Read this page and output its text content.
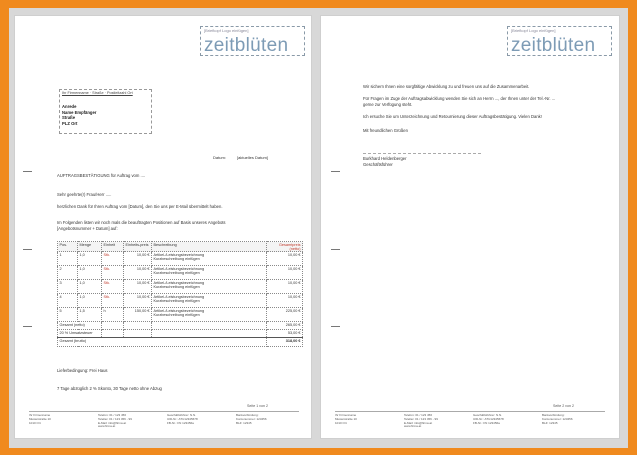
[Briefkopf Logo einfügen]
zeitblüten
Ihr Firmenname · Straße · Postleitzahl Ort
Anrede
Name Empfänger
Straße
PLZ Ort
Datum:	[aktuelles Datum]
AUFTRAGSBESTÄTIGUNG für Auftrag vom ....
Sehr geehrte(r) Frau/Herr .....
herzlichen Dank für Ihren Auftrag vom [Datum], den Sie uns per E-Mail übermittelt haben.
Im Folgenden listen wir noch mals die beauftragten Positionen auf Basis unseres Angebots
[Angebotsnummer + Datum] auf:
Pos.	Menge	Einheit	Einheits-preis	Beschreibung	Gesamtpreis (netto)
1	1,0	Stk.	10,00 €	Artikel-/Leistungsbezeichnung
Kurzbeschreibung einfügen	10,00 €
2	1,0	Stk.	10,00 €	Artikel-/Leistungsbezeichnung
Kurzbeschreibung einfügen	10,00 €
3	1,0	Stk.	10,00 €	Artikel-/Leistungsbezeichnung
Kurzbeschreibung einfügen	10,00 €
4	1,0	Stk.	10,00 €	Artikel-/Leistungsbezeichnung
Kurzbeschreibung einfügen	10,00 €
5	1,5	h	150,00 €	Artikel-/Leistungsbezeichnung
Kurzbeschreibung einfügen	225,00 €
Gesamt (netto)					265,00 €
20 % Umsatzsteuer					53,00 €
Gesamt (brutto)					318,00 €
Lieferbedingung: Frei Haus
7 Tage abzüglich 2 % Skonto, 30 Tage netto ohne Abzug
Seite 1 von 2
Ihr Firmenname
Musterstraße 10
1010 Ort
Telefon: 01 / 123 456
Telefax: 01 / 123 456 - 99
E-Mail: info@firma.at
www.firma.at
Geschäftsführer: N.N.
UID-Nr.: ATU12345678
FB-Nr.: FN 123456a
Bankverbindung:
Kontonummer: 123456
BLZ: 12345
[Briefkopf Logo einfügen]
zeitblüten
Wir sichern Ihnen eine sorgfältige Abwicklung zu und freuen uns auf die Zusammenarbeit.
Für Fragen im Zuge der Auftragsabwicklung wenden Sie sich an Herrn ..., der Ihnen unter der Tel.-Nr. ...
gerne zur Verfügung steht.
Ich ersuche Sie um Unterzeichnung und Retournierung dieser Auftragsbestätigung. Vielen Dank!
Mit freundlichen Grüßen
Burkhard Heldenberger
Geschäftsführer
Seite 2 von 2
Ihr Firmenname
Musterstraße 10
1010 Ort
Telefon: 01 / 123 456
Telefax: 01 / 123 456 - 99
E-Mail: info@firma.at
www.firma.at
Geschäftsführer: N.N.
UID-Nr.: ATU12345678
FB-Nr.: FN 123456a
Bankverbindung:
Kontonummer: 123456
BLZ: 12345
